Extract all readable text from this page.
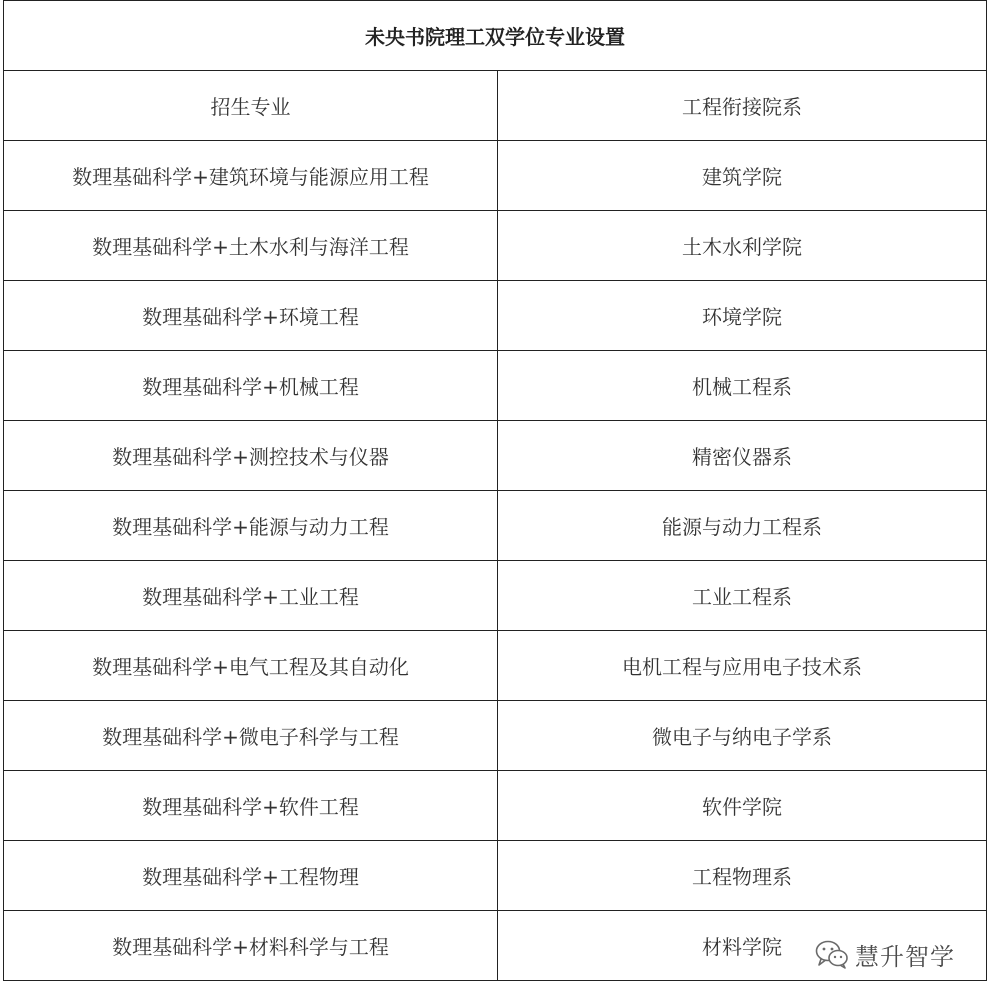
未央书院理工双学位专业设置	
招生专业	工程衔接院系
数理基础科学+建筑环境与能源应用工程	建筑学院
数理基础科学+土木水利与海洋工程	土木水利学院
数理基础科学+环境工程	环境学院
数理基础科学+机械工程	机械工程系
数理基础科学+测控技术与仪器	精密仪器系
数理基础科学+能源与动力工程	能源与动力工程系
数理基础科学+工业工程	工业工程系
数理基础科学+电气工程及其自动化	电机工程与应用电子技术系
数理基础科学+微电子科学与工程	微电子与纳电子学系
数理基础科学+软件工程	软件学院
数理基础科学+工程物理	工程物理系
数理基础科学+材料科学与工程	材料学院	慧升智学
